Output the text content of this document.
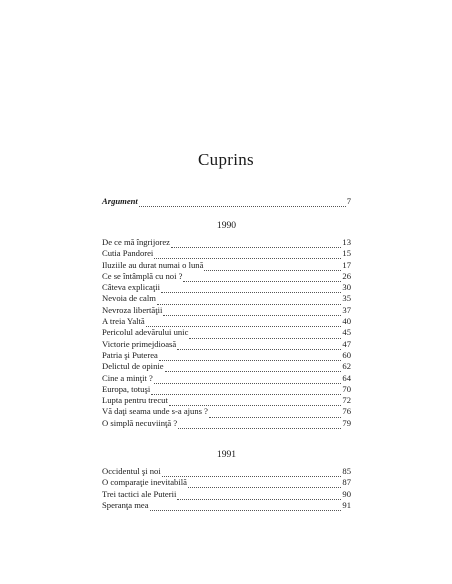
Cuprins
Argument	7
1990
De ce mă îngrijorez	13
Cutia Pandorei	15
Iluziile au durat numai o lună	17
Ce se întâmplă cu noi ?	26
Câteva explicaţii	30
Nevoia de calm	35
Nevroza libertăţii	37
A treia Yaltă	40
Pericolul adevărului unic	45
Victorie primejdioasă	47
Patria şi Puterea	60
Delictul de opinie	62
Cine a minţit ?	64
Europa, totuşi	70
Lupta pentru trecut	72
Vă daţi seama unde s-a ajuns ?	76
O simplă necuviinţă ?	79
1991
Occidentul şi noi	85
O comparaţie inevitabilă	87
Trei tactici ale Puterii	90
Speranţa mea	91
